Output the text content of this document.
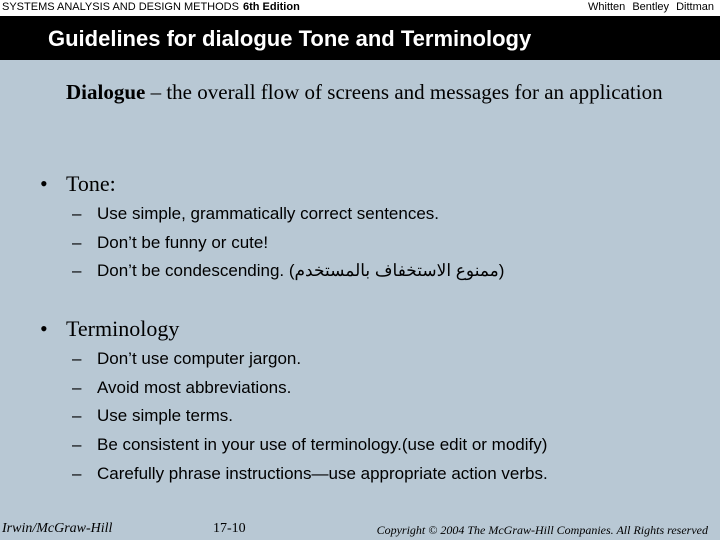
SYSTEMS ANALYSIS AND DESIGN METHODS 6th Edition	Whitten Bentley Dittman
Guidelines for dialogue Tone and Terminology
Dialogue – the overall flow of screens and messages for an application
• Tone:
– Use simple, grammatically correct sentences.
– Don’t be funny or cute!
– Don’t be condescending. (ممنوع الاستخفاف بالمستخدم)
• Terminology
– Don’t use computer jargon.
– Avoid most abbreviations.
– Use simple terms.
– Be consistent in your use of terminology.(use edit or modify)
– Carefully phrase instructions—use appropriate action verbs.
Irwin/McGraw-Hill	17-10	Copyright © 2004 The McGraw-Hill Companies. All Rights reserved
